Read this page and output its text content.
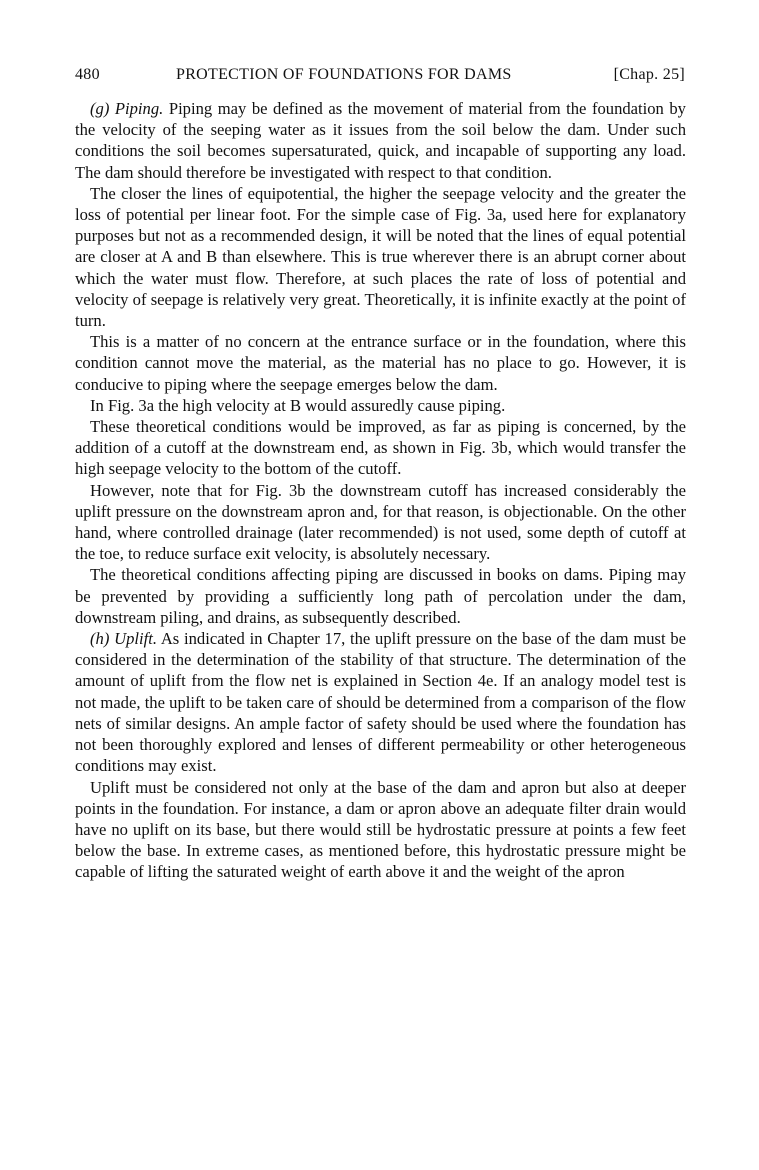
480	PROTECTION OF FOUNDATIONS FOR DAMS	[Chap. 25]

(g) Piping. Piping may be defined as the movement of material from the foundation by the velocity of the seeping water as it issues from the soil below the dam. Under such conditions the soil becomes supersaturated, quick, and incapable of supporting any load. The dam should therefore be investigated with respect to that condition.

The closer the lines of equipotential, the higher the seepage velocity and the greater the loss of potential per linear foot. For the simple case of Fig. 3a, used here for explanatory purposes but not as a recommended design, it will be noted that the lines of equal potential are closer at A and B than elsewhere. This is true wherever there is an abrupt corner about which the water must flow. Therefore, at such places the rate of loss of potential and velocity of seepage is relatively very great. Theoretically, it is infinite exactly at the point of turn.

This is a matter of no concern at the entrance surface or in the foundation, where this condition cannot move the material, as the material has no place to go. However, it is conducive to piping where the seepage emerges below the dam.

In Fig. 3a the high velocity at B would assuredly cause piping.

These theoretical conditions would be improved, as far as piping is concerned, by the addition of a cutoff at the downstream end, as shown in Fig. 3b, which would transfer the high seepage velocity to the bottom of the cutoff.

However, note that for Fig. 3b the downstream cutoff has increased considerably the uplift pressure on the downstream apron and, for that reason, is objectionable. On the other hand, where controlled drainage (later recommended) is not used, some depth of cutoff at the toe, to reduce surface exit velocity, is absolutely necessary.

The theoretical conditions affecting piping are discussed in books on dams. Piping may be prevented by providing a sufficiently long path of percolation under the dam, downstream piling, and drains, as subsequently described.

(h) Uplift. As indicated in Chapter 17, the uplift pressure on the base of the dam must be considered in the determination of the stability of that structure. The determination of the amount of uplift from the flow net is explained in Section 4e. If an analogy model test is not made, the uplift to be taken care of should be determined from a comparison of the flow nets of similar designs. An ample factor of safety should be used where the foundation has not been thoroughly explored and lenses of different permeability or other heterogeneous conditions may exist.

Uplift must be considered not only at the base of the dam and apron but also at deeper points in the foundation. For instance, a dam or apron above an adequate filter drain would have no uplift on its base, but there would still be hydrostatic pressure at points a few feet below the base. In extreme cases, as mentioned before, this hydrostatic pressure might be capable of lifting the saturated weight of earth above it and the weight of the apron
